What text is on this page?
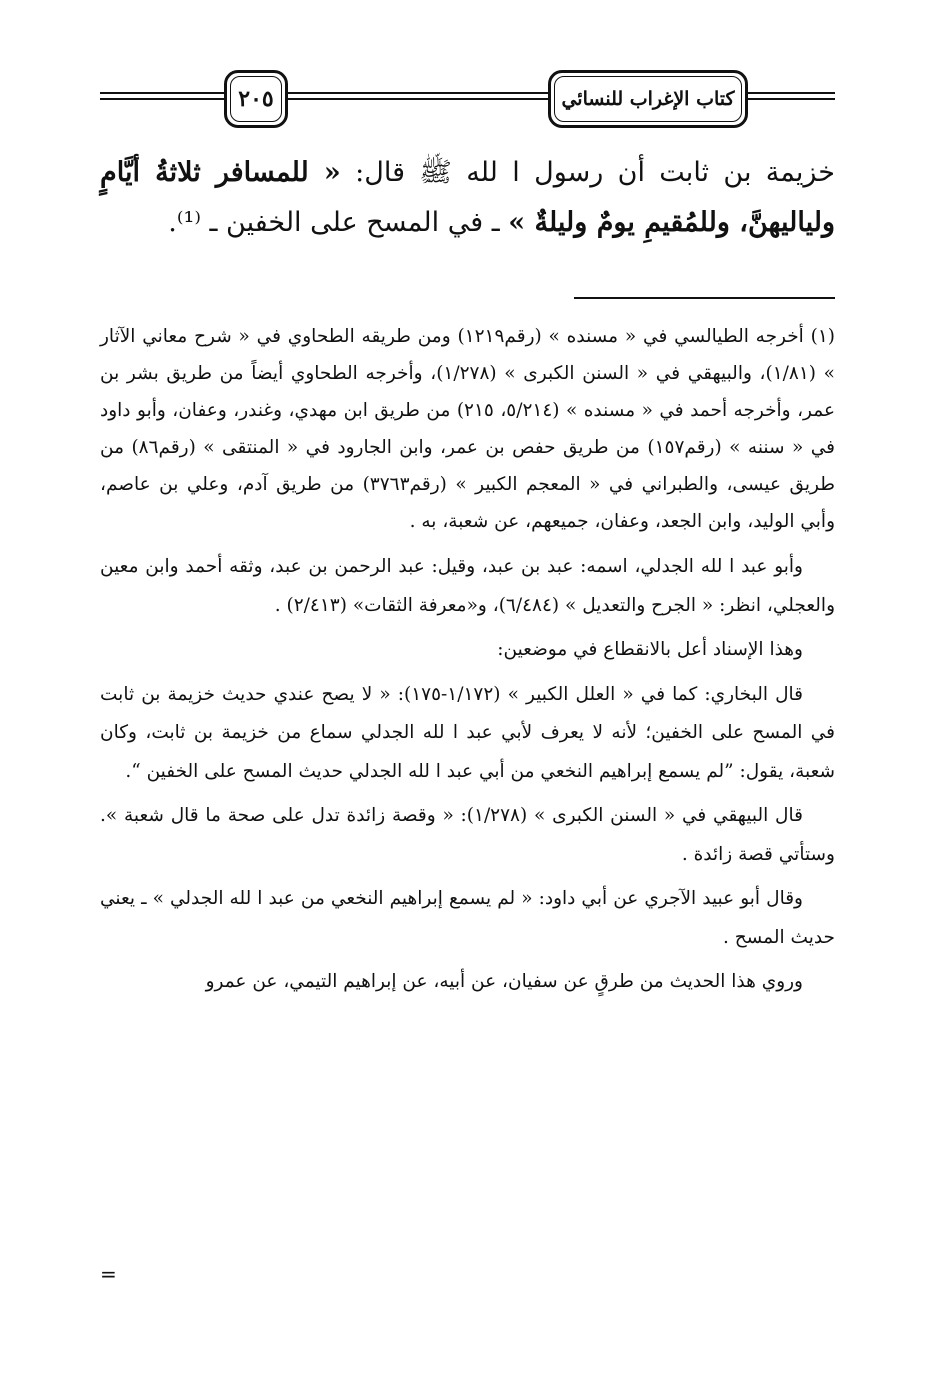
٢٠٥	كتاب الإغراب للنسائي
خزيمة بن ثابت أن رسول ا لله ﷺ قال: « للمسافر ثلاثةُ أيَّامٍ ولياليهنَّ، وللمُقيمِ يومٌ وليلةٌ » ـ في المسح على الخفين ـ ⁽¹⁾.

(١) أخرجه الطيالسي في « مسنده » (رقم١٢١٩) ومن طريقه الطحاوي في « شرح معاني الآثار » (١/٨١)، والبيهقي في « السنن الكبرى » (١/٢٧٨)، وأخرجه الطحاوي أيضاً من طريق بشر بن عمر، وأخرجه أحمد في « مسنده » (٥/٢١٤، ٢١٥) من طريق ابن مهدي، وغندر، وعفان، وأبو داود في « سننه » (رقم١٥٧) من طريق حفص بن عمر، وابن الجارود في « المنتقى » (رقم٨٦) من طريق عيسى، والطبراني في « المعجم الكبير » (رقم٣٧٦٣) من طريق آدم، وعلي بن عاصم، وأبي الوليد، وابن الجعد، وعفان، جميعهم، عن شعبة، به .

وأبو عبد ا لله الجدلي، اسمه: عبد بن عبد، وقيل: عبد الرحمن بن عبد، وثقه أحمد وابن معين والعجلي، انظر: « الجرح والتعديل » (٦/٤٨٤)، و«معرفة الثقات» (٢/٤١٣) .

وهذا الإسناد أعل بالانقطاع في موضعين:

قال البخاري: كما في « العلل الكبير » (١/١٧٢-١٧٥): « لا يصح عندي حديث خزيمة بن ثابت في المسح على الخفين؛ لأنه لا يعرف لأبي عبد ا لله الجدلي سماع من خزيمة بن ثابت، وكان شعبة، يقول: ”لم يسمع إبراهيم النخعي من أبي عبد ا لله الجدلي حديث المسح على الخفين “.

قال البيهقي في « السنن الكبرى » (١/٢٧٨): « وقصة زائدة تدل على صحة ما قال شعبة ». وستأتي قصة زائدة .

وقال أبو عبيد الآجري عن أبي داود: « لم يسمع إبراهيم النخعي من عبد ا لله الجدلي » ـ يعني حديث المسح .

وروي هذا الحديث من طرقٍ عن سفيان، عن أبيه، عن إبراهيم التيمي، عن عمرو

=
